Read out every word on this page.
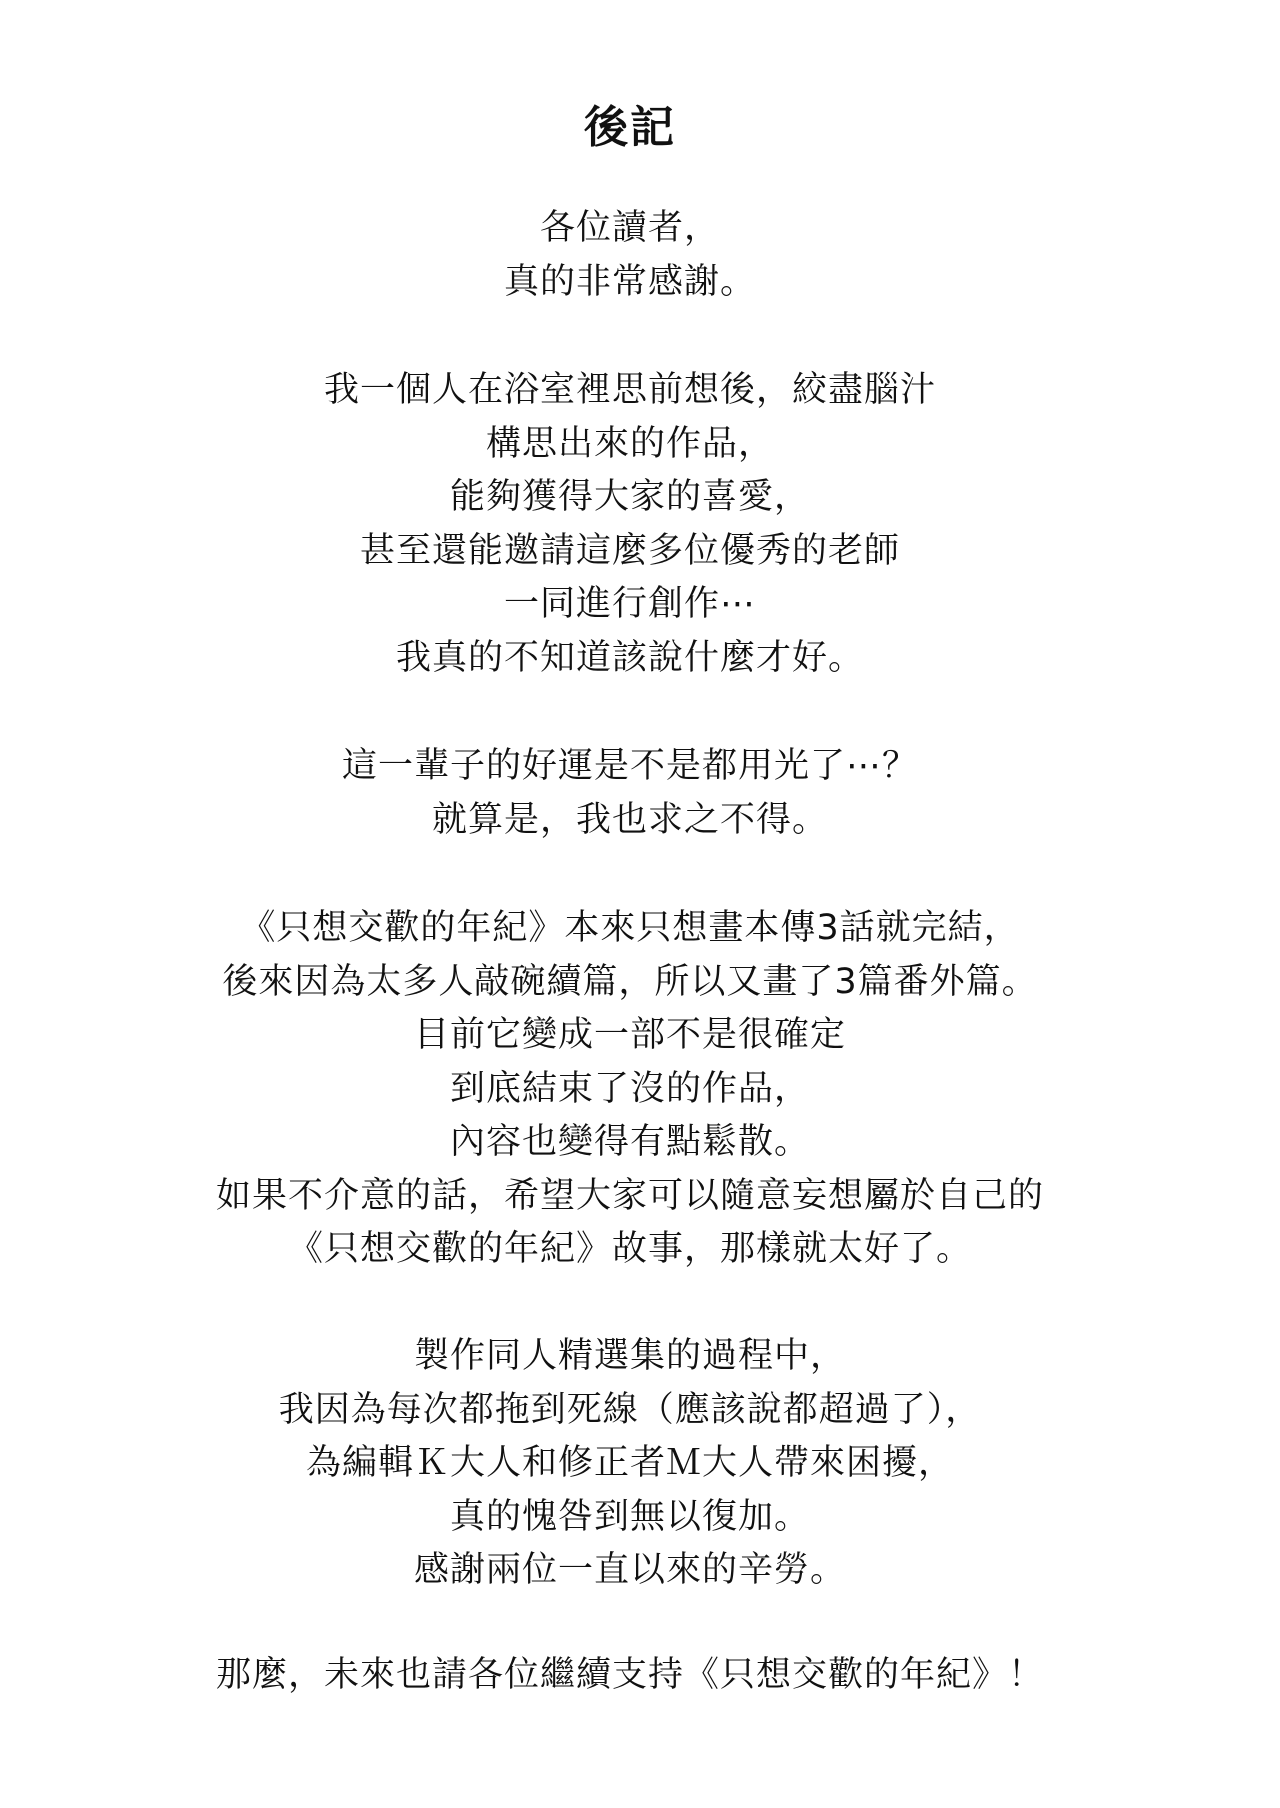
後記
各位讀者，
真的非常感謝。
我一個人在浴室裡思前想後，絞盡腦汁
構思出來的作品，
能夠獲得大家的喜愛，
甚至還能邀請這麼多位優秀的老師
一同進行創作⋯
我真的不知道該說什麼才好。
這一輩子的好運是不是都用光了⋯？
就算是，我也求之不得。
《只想交歡的年紀》本來只想畫本傳3話就完結，
後來因為太多人敲碗續篇，所以又畫了3篇番外篇。
目前它變成一部不是很確定
到底結束了沒的作品，
內容也變得有點鬆散。
如果不介意的話，希望大家可以隨意妄想屬於自己的
《只想交歡的年紀》故事，那樣就太好了。
製作同人精選集的過程中，
我因為每次都拖到死線（應該說都超過了），
為編輯Ｋ大人和修正者Ｍ大人帶來困擾，
真的愧咎到無以復加。
感謝兩位一直以來的辛勞。
那麼，未來也請各位繼續支持《只想交歡的年紀》！
